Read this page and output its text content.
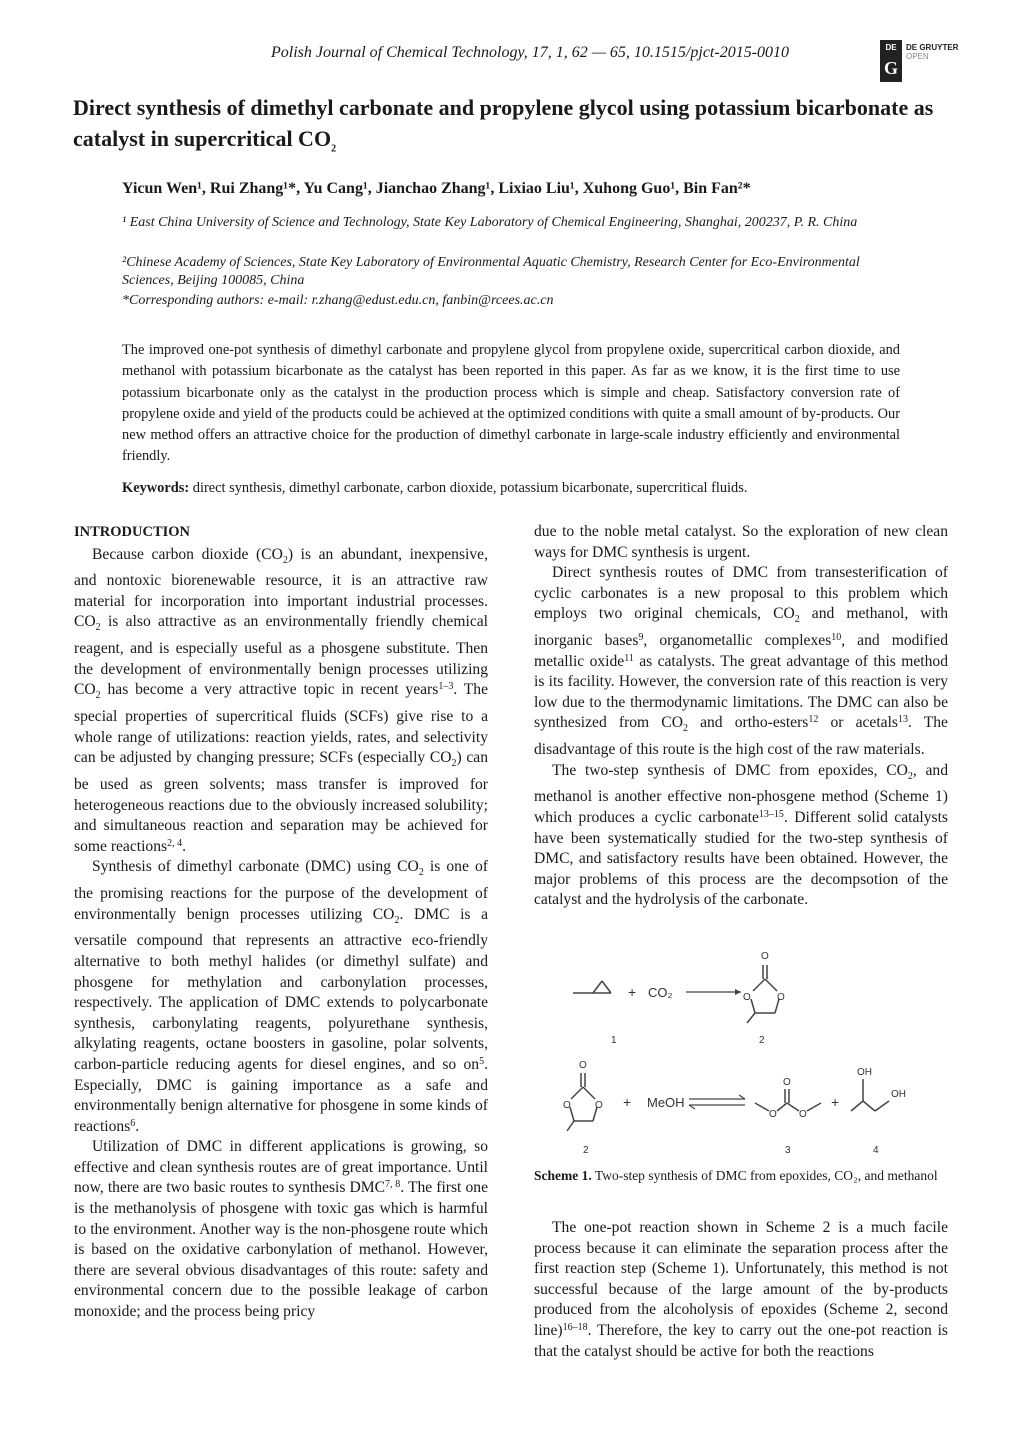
Polish Journal of Chemical Technology, 17, 1, 62 — 65, 10.1515/pjct-2015-0010	DE
G
DE GRUYTER
OPEN
Direct synthesis of dimethyl carbonate and propylene glycol using potassium bicarbonate as catalyst in supercritical $CO_2$
Yicun Wen¹, Rui Zhang¹*, Yu Cang¹, Jianchao Zhang¹, Lixiao Liu¹, Xuhong Guo¹, Bin Fan²*
¹ East China University of Science and Technology, State Key Laboratory of Chemical Engineering, Shanghai, 200237, P. R. China
²Chinese Academy of Sciences, State Key Laboratory of Environmental Aquatic Chemistry, Research Center for Eco-Environmental Sciences, Beijing 100085, China
*Corresponding authors: e-mail: r.zhang@edust.edu.cn, fanbin@rcees.ac.cn
The improved one-pot synthesis of dimethyl carbonate and propylene glycol from propylene oxide, supercritical carbon dioxide, and methanol with potassium bicarbonate as the catalyst has been reported in this paper. As far as we know, it is the first time to use potassium bicarbonate only as the catalyst in the production process which is simple and cheap. Satisfactory conversion rate of propylene oxide and yield of the products could be achieved at the optimized conditions with quite a small amount of by-products. Our new method offers an attractive choice for the production of dimethyl carbonate in large-scale industry efficiently and environmental friendly.
Keywords: direct synthesis, dimethyl carbonate, carbon dioxide, potassium bicarbonate, supercritical fluids.
INTRODUCTION

Because carbon dioxide $(CO_2)$ is an abundant, inexpensive, and nontoxic biorenewable resource, it is an attractive raw material for incorporation into important industrial processes. $CO_2$ is also attractive as an environmentally friendly chemical reagent, and is especially useful as a phosgene substitute. Then the development of environmentally benign processes utilizing $CO_2$ has become a very attractive topic in recent years$^{1-3}$. The special properties of supercritical fluids (SCFs) give rise to a whole range of utilizations: reaction yields, rates, and selectivity can be adjusted by changing pressure; SCFs (especially $CO_2$) can be used as green solvents; mass transfer is improved for heterogeneous reactions due to the obviously increased solubility; and simultaneous reaction and separation may be achieved for some reactions$^{2, 4}$.

Synthesis of dimethyl carbonate (DMC) using $CO_2$ is one of the promising reactions for the purpose of the development of environmentally benign processes utilizing $CO_2$. DMC is a versatile compound that represents an attractive eco-friendly alternative to both methyl halides (or dimethyl sulfate) and phosgene for methylation and carbonylation processes, respectively. The application of DMC extends to polycarbonate synthesis, carbonylating reagents, polyurethane synthesis, alkylating reagents, octane boosters in gasoline, polar solvents, carbon-particle reducing agents for diesel engines, and so $on^5$. Especially, DMC is gaining importance as a safe and environmentally benign alternative for phosgene in some kinds of reactions$^6$.

Utilization of DMC in different applications is growing, so effective and clean synthesis routes are of great importance. Until now, there are two basic routes to synthesis DMC$^{7, 8}$. The first one is the methanolysis of phosgene with toxic gas which is harmful to the environment. Another way is the non-phosgene route which is based on the oxidative carbonylation of methanol. However, there are several obvious disadvantages of this route: safety and environmental concern due to the possible leakage of carbon monoxide; and the process being pricy

due to the noble metal catalyst. So the exploration of new clean ways for DMC synthesis is urgent.

Direct synthesis routes of DMC from transesterification of cyclic carbonates is a new proposal to this problem which employs two original chemicals, $CO_2$ and methanol, with inorganic bases$^9$, organometallic complexes$^{10}$, and modified metallic oxide$^{11}$ as catalysts. The great advantage of this method is its facility. However, the conversion rate of this reaction is very low due to the thermodynamic limitations. The DMC can also be synthesized from $CO_2$ and ortho-esters$^{12}$ or acetals$^{13}$. The disadvantage of this route is the high cost of the raw materials.

The two-step synthesis of DMC from epoxides, $CO_2$, and methanol is another effective non-phosgene method (Scheme 1) which produces a cyclic carbonate$^{13-15}$. Different solid catalysts have been systematically studied for the two-step synthesis of DMC, and satisfactory results have been obtained. However, the major problems of this process are the decompsotion of the catalyst and the hydrolysis of the carbonate.

+ CO₂
O
O	O
1	2
O
O O + MeOH
O O
O
+
OH
OH
2	3	4
Scheme 1. Two-step synthesis of DMC from epoxides, CO₂, and methanol

The one-pot reaction shown in Scheme 2 is a much facile process because it can eliminate the separation process after the first reaction step (Scheme 1). Unfortunately, this method is not successful because of the large amount of the by-products produced from the alcoholysis of epoxides (Scheme 2, second line)$^{16-18}$. Therefore, the key to carry out the one-pot reaction is that the catalyst should be active for both the reactions
